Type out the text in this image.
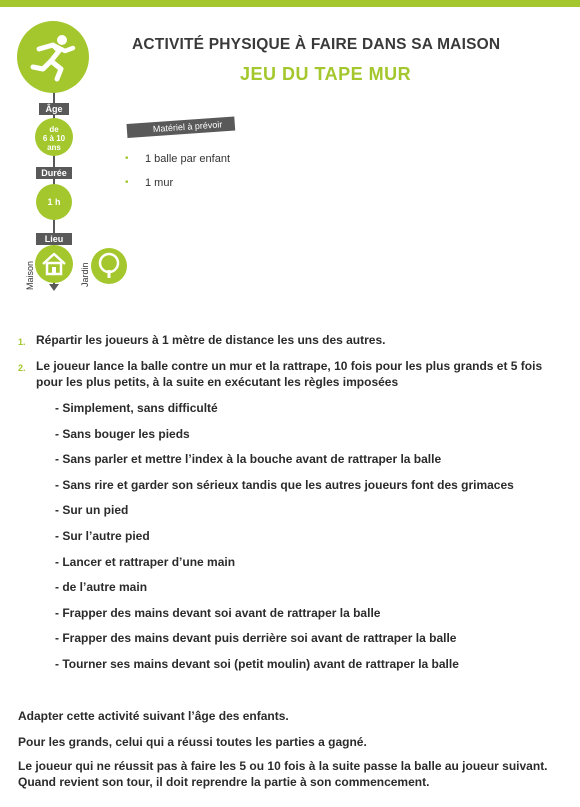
ACTIVITÉ PHYSIQUE À FAIRE DANS SA MAISON
JEU DU TAPE MUR
Âge
de
6 à 10
ans
Durée
1 h
Lieu
Maison	Jardin
Matériel à prévoir
•	1 balle par enfant
•	1 mur
1. Répartir les joueurs à 1 mètre de distance les uns des autres.
2. Le joueur lance la balle contre un mur et la rattrape, 10 fois pour les plus grands et 5 fois pour les plus petits, à la suite en exécutant les règles imposées
- Simplement, sans difficulté
- Sans bouger les pieds
- Sans parler et mettre l’index à la bouche avant de rattraper la balle
- Sans rire et garder son sérieux tandis que les autres joueurs font des grimaces
- Sur un pied
- Sur l’autre pied
- Lancer et rattraper d’une main
- de l’autre main
- Frapper des mains devant soi avant de rattraper la balle
- Frapper des mains devant puis derrière soi avant de rattraper la balle
- Tourner ses mains devant soi (petit moulin) avant de rattraper la balle
Adapter cette activité suivant l’âge des enfants.
Pour les grands, celui qui a réussi toutes les parties a gagné.
Le joueur qui ne réussit pas à faire les 5 ou 10 fois à la suite passe la balle au joueur suivant. Quand revient son tour, il doit reprendre la partie à son commencement.
